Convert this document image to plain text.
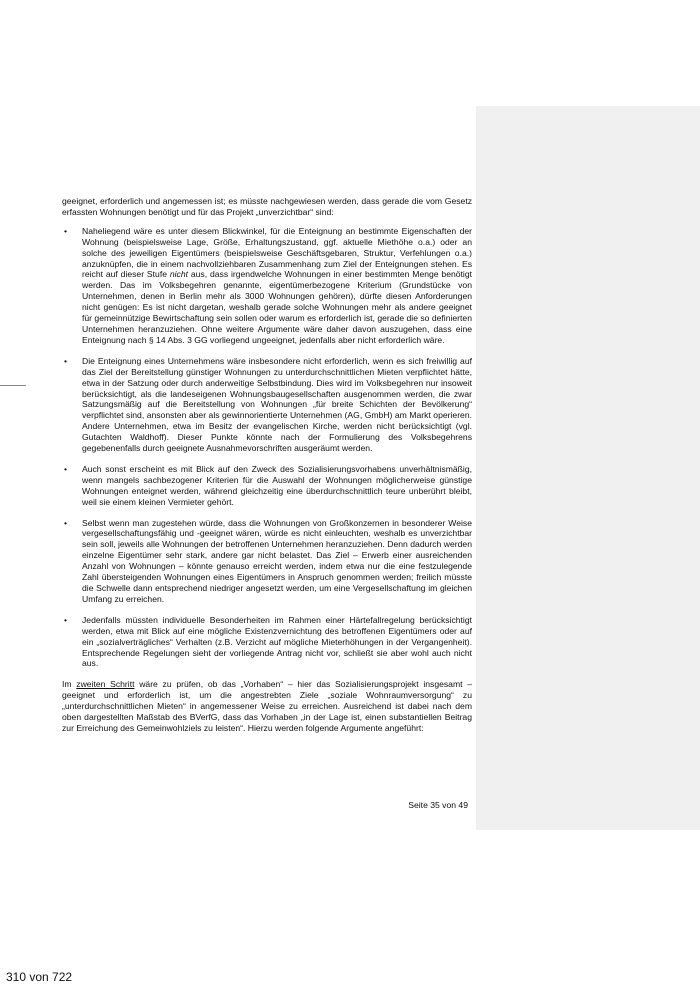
geeignet, erforderlich und angemessen ist; es müsste nachgewiesen werden, dass gerade die vom Gesetz erfassten Wohnungen benötigt und für das Projekt „unverzichtbar“ sind:

• Naheliegend wäre es unter diesem Blickwinkel, für die Enteignung an bestimmte Eigenschaften der Wohnung (beispielsweise Lage, Größe, Erhaltungszustand, ggf. aktuelle Miethöhe o.a.) oder an solche des jeweiligen Eigentümers (beispielsweise Geschäftsgebaren, Struktur, Verfehlungen o.a.) anzuknüpfen, die in einem nachvollziehbaren Zusammenhang zum Ziel der Enteignungen stehen. Es reicht auf dieser Stufe nicht aus, dass irgendwelche Wohnungen in einer bestimmten Menge benötigt werden. Das im Volksbegehren genannte, eigentümerbezogene Kriterium (Grundstücke von Unternehmen, denen in Berlin mehr als 3000 Wohnungen gehören), dürfte diesen Anforderungen nicht genügen: Es ist nicht dargetan, weshalb gerade solche Wohnungen mehr als andere geeignet für gemeinnützige Bewirtschaftung sein sollen oder warum es erforderlich ist, gerade die so definierten Unternehmen heranzuziehen. Ohne weitere Argumente wäre daher davon auszugehen, dass eine Enteignung nach § 14 Abs. 3 GG vorliegend ungeeignet, jedenfalls aber nicht erforderlich wäre.
• Die Enteignung eines Unternehmens wäre insbesondere nicht erforderlich, wenn es sich freiwillig auf das Ziel der Bereitstellung günstiger Wohnungen zu unterdurchschnittlichen Mieten verpflichtet hätte, etwa in der Satzung oder durch anderweitige Selbstbindung. Dies wird im Volksbegehren nur insoweit berücksichtigt, als die landeseigenen Wohnungsbaugesellschaften ausgenommen werden, die zwar Satzungsmäßig auf die Bereitstellung von Wohnungen „für breite Schichten der Bevölkerung“ verpflichtet sind, ansonsten aber als gewinnorientierte Unternehmen (AG, GmbH) am Markt operieren. Andere Unternehmen, etwa im Besitz der evangelischen Kirche, werden nicht berücksichtigt (vgl. Gutachten Waldhoff). Dieser Punkte könnte nach der Formulierung des Volksbegehrens gegebenenfalls durch geeignete Ausnahmevorschriften ausgeräumt werden.
• Auch sonst erscheint es mit Blick auf den Zweck des Sozialisierungsvorhabens unverhältnismäßig, wenn mangels sachbezogener Kriterien für die Auswahl der Wohnungen möglicherweise günstige Wohnungen enteignet werden, während gleichzeitig eine überdurchschnittlich teure unberührt bleibt, weil sie einem kleinen Vermieter gehört.
• Selbst wenn man zugestehen würde, dass die Wohnungen von Großkonzernen in besonderer Weise vergesellschaftungsfähig und -geeignet wären, würde es nicht einleuchten, weshalb es unverzichtbar sein soll, jeweils alle Wohnungen der betroffenen Unternehmen heranzuziehen. Denn dadurch werden einzelne Eigentümer sehr stark, andere gar nicht belastet. Das Ziel – Erwerb einer ausreichenden Anzahl von Wohnungen – könnte genauso erreicht werden, indem etwa nur die eine festzulegende Zahl übersteigenden Wohnungen eines Eigentümers in Anspruch genommen werden; freilich müsste die Schwelle dann entsprechend niedriger angesetzt werden, um eine Vergesellschaftung im gleichen Umfang zu erreichen.
• Jedenfalls müssten individuelle Besonderheiten im Rahmen einer Härtefallregelung berücksichtigt werden, etwa mit Blick auf eine mögliche Existenzvernichtung des betroffenen Eigentümers oder auf ein „sozialverträgliches“ Verhalten (z.B. Verzicht auf mögliche Mieterhöhungen in der Vergangenheit). Entsprechende Regelungen sieht der vorliegende Antrag nicht vor, schließt sie aber wohl auch nicht aus.

Im zweiten Schritt wäre zu prüfen, ob das „Vorhaben“ – hier das Sozialisierungsprojekt insgesamt – geeignet und erforderlich ist, um die angestrebten Ziele „soziale Wohnraumversorgung“ zu „unterdurchschnittlichen Mieten“ in angemessener Weise zu erreichen. Ausreichend ist dabei nach dem oben dargestellten Maßstab des BVerfG, dass das Vorhaben „in der Lage ist, einen substantiellen Beitrag zur Erreichung des Gemeinwohlziels zu leisten“. Hierzu werden folgende Argumente angeführt:

Seite 35 von 49
310 von 722
